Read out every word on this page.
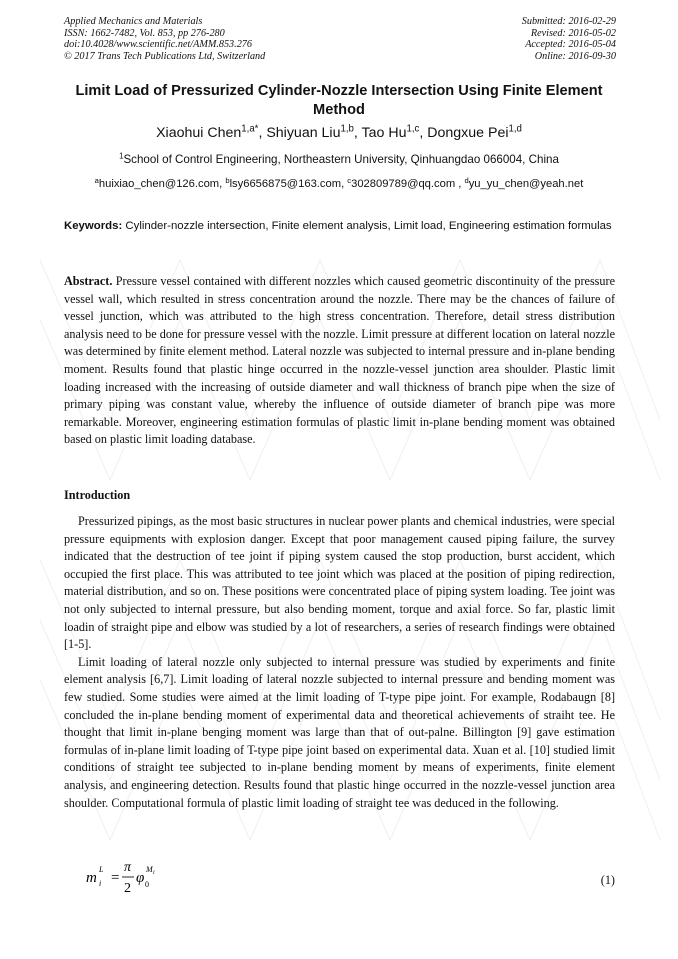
Applied Mechanics and Materials
ISSN: 1662-7482, Vol. 853, pp 276-280
doi:10.4028/www.scientific.net/AMM.853.276
© 2017 Trans Tech Publications Ltd, Switzerland
Submitted: 2016-02-29
Revised: 2016-05-02
Accepted: 2016-05-04
Online: 2016-09-30
Limit Load of Pressurized Cylinder-Nozzle Intersection Using Finite Element Method
Xiaohui Chen$^{1,a*}$, Shiyuan Liu$^{1,b}$, Tao Hu$^{1,c}$, Dongxue Pei$^{1,d}$
$^1$School of Control Engineering, Northeastern University, Qinhuangdao 066004, China
$^a$huixiao_chen@126.com, $^b$lsy6656875@163.com, $^c$302809789@qq.com , $^d$yu_yu_chen@yeah.net
Keywords: Cylinder-nozzle intersection, Finite element analysis, Limit load, Engineering estimation formulas
Abstract. Pressure vessel contained with different nozzles which caused geometric discontinuity of the pressure vessel wall, which resulted in stress concentration around the nozzle. There may be the chances of failure of vessel junction, which was attributed to the high stress concentration. Therefore, detail stress distribution analysis need to be done for pressure vessel with the nozzle. Limit pressure at different location on lateral nozzle was determined by finite element method. Lateral nozzle was subjected to internal pressure and in-plane bending moment. Results found that plastic hinge occurred in the nozzle-vessel junction area shoulder. Plastic limit loading increased with the increasing of outside diameter and wall thickness of branch pipe when the size of primary piping was constant value, whereby the influence of outside diameter of branch pipe was more remarkable. Moreover, engineering estimation formulas of plastic limit in-plane bending moment was obtained based on plastic limit loading database.
Introduction

Pressurized pipings, as the most basic structures in nuclear power plants and chemical industries, were special pressure equipments with explosion danger. Except that poor management caused piping failure, the survey indicated that the destruction of tee joint if piping system caused the stop production, burst accident, which occupied the first place. This was attributed to tee joint which was placed at the position of piping redirection, material distribution, and so on. These positions were concentrated place of piping system loading. Tee joint was not only subjected to internal pressure, but also bending moment, torque and axial force. So far, plastic limit loadin of straight pipe and elbow was studied by a lot of researchers, a series of research findings were obtained [1-5].

Limit loading of lateral nozzle only subjected to internal pressure was studied by experiments and finite element analysis [6,7]. Limit loading of lateral nozzle subjected to internal pressure and bending moment was few studied. Some studies were aimed at the limit loading of T-type pipe joint. For example, Rodabaugn [8] concluded the in-plane bending moment of experimental data and theoretical achievements of straiht tee. He thought that limit in-plane benging moment was large than that of out-palne. Billington [9] gave estimation formulas of in-plane limit loading of T-type pipe joint based on experimental data. Xuan et al. [10] studied limit conditions of straight tee subjected to in-plane bending moment by means of experiments, finite element analysis, and engineering detection. Results found that plastic hinge occurred in the nozzle-vessel junction area shoulder. Computational formula of plastic limit loading of straight tee was deduced in the following.

m
L
i =
π
2
φ 0
M i	(1)
